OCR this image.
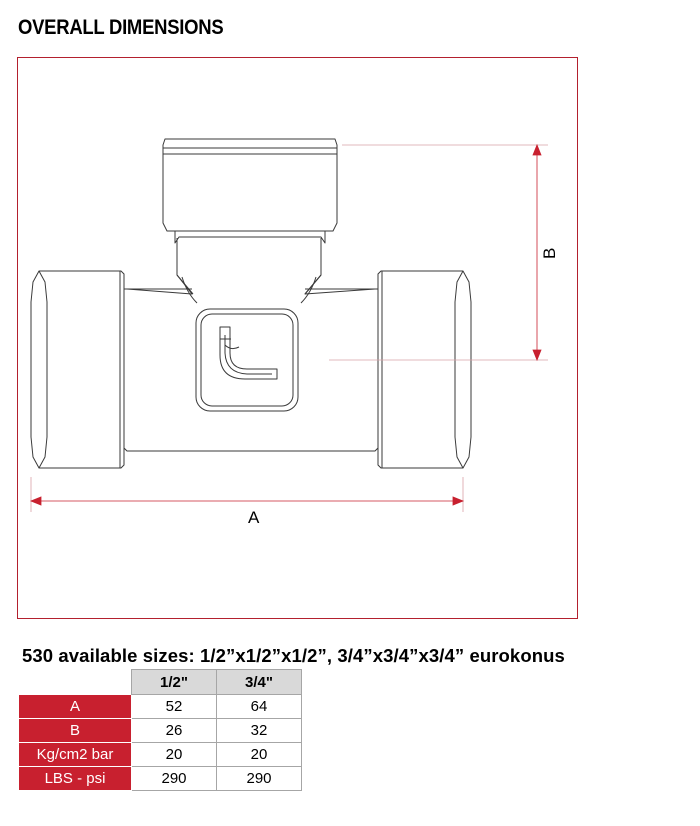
OVERALL DIMENSIONS
A
B
530 available sizes: 1/2”x1/2”x1/2”, 3/4”x3/4”x3/4” eurokonus
	1/2"	3/4"
A	52	64
B	26	32
Kg/cm2 bar	20	20
LBS - psi	290	290
